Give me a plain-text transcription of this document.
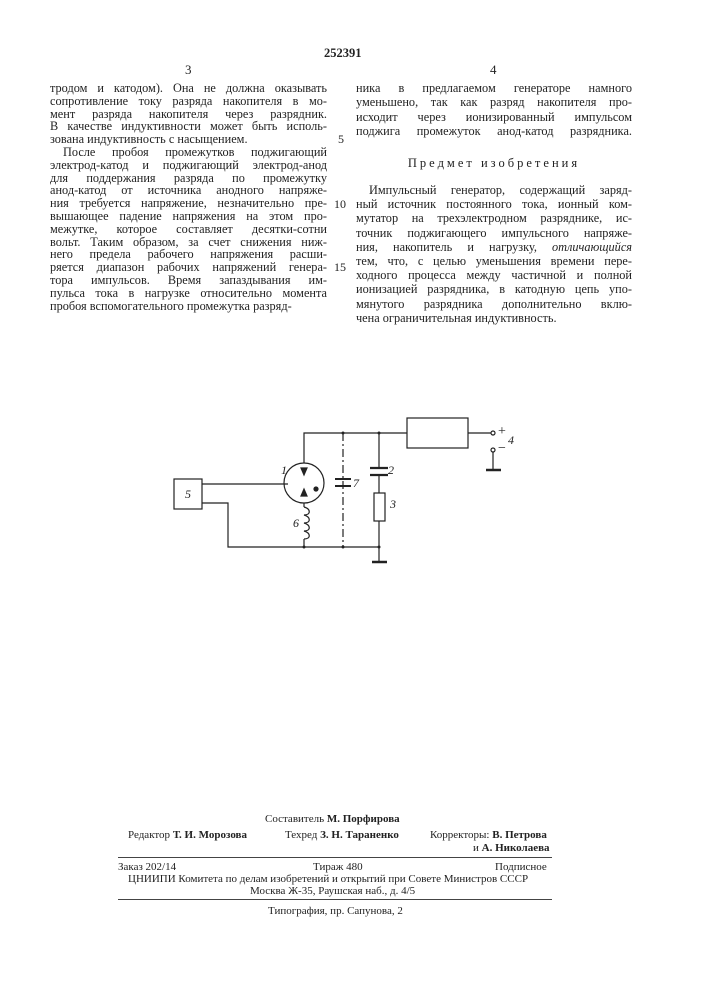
252391
3	4
тродом и катодом). Она не должна оказывать
сопротивление току разряда накопителя в мо-
мент разряда накопителя через разрядник.
В качестве индуктивности может быть исполь-
зована индуктивность с насыщением.
После пробоя промежутков поджигающий
электрод-катод и поджигающий электрод-анод
для поддержания разряда по промежутку
анод-катод от источника анодного напряже-
ния требуется напряжение, незначительно пре-
вышающее падение напряжения на этом про-
межутке, которое составляет десятки-сотни
вольт. Таким образом, за счет снижения ниж-
него предела рабочего напряжения расши-
ряется диапазон рабочих напряжений генера-
тора импульсов. Время запаздывания им-
пульса тока в нагрузке относительно момента
пробоя вспомогательного промежутка разряд-
ника в предлагаемом генераторе намного
уменьшено, так как разряд накопителя про-
исходит через ионизированный импульсом
поджига промежуток анод-катод разрядника.
Импульсный генератор, содержащий заряд-
ный источник постоянного тока, ионный ком-
мутатор на трехэлектродном разряднике, ис-
точник поджигающего импульсного напряже-
ния, накопитель и нагрузку, отличающийся
тем, что, с целью уменьшения времени пере-
ходного процесса между частичной и полной
ионизацией разрядника, в катодную цепь упо-
мянутого разрядника дополнительно вклю-
чена ограничительная индуктивность.
Предмет изобретения
5
10
15
5
1	2
3
6
7
+
−
4
Составитель М. Порфирова
Редактор Т. И. Морозова	Техред З. Н. Тараненко	Корректоры: В. Петрова
и А. Николаева
Заказ 202/14	Тираж 480	Подписное
ЦНИИПИ Комитета по делам изобретений и открытий при Совете Министров СССР
Москва Ж-35, Раушская наб., д. 4/5
Типография, пр. Сапунова, 2
